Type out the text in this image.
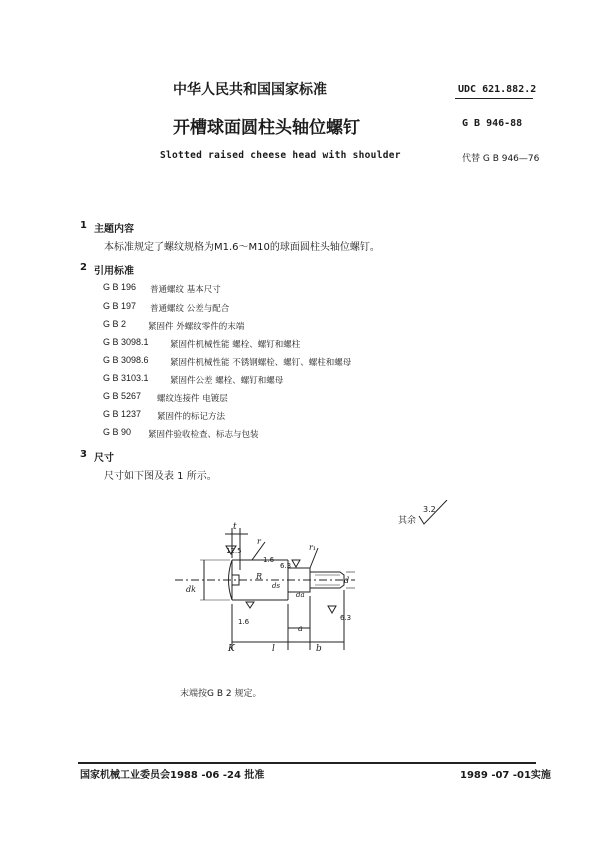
中华人民共和国国家标准	UDC 621.882.2
开槽球面圆柱头轴位螺钉	G B 946-88
Slotted raised cheese head with shoulder	代替 G B 946—76
1 主题内容
本标准规定了螺纹规格为M1.6～M10的球面圆柱头轴位螺钉。
2 引用标准
G B 196 普通螺纹 基本尺寸
G B 197 普通螺纹 公差与配合
G B 2	紧固件 外螺纹零件的末端
G B 3098.1	紧固件机械性能 螺栓、螺钉和螺柱
G B 3098.6	紧固件机械性能 不锈钢螺栓、螺钉、螺柱和螺母
G B 3103.1	紧固件公差 螺栓、螺钉和螺母
G B 5267 螺纹连接件 电镀层
G B 1237 紧固件的标记方法
G B 90 紧固件验收检查、标志与包装
3 尺寸
尺寸如下图及表 1 所示。
其余
3.2
t
r
r₁
12.5
1.6
6.3
R
dk	ds
d
da
1.6	6.3
a
K	l	b
末端按G B 2 规定。
国家机械工业委员会1988 -06 -24 批准	1989 -07 -01实施
